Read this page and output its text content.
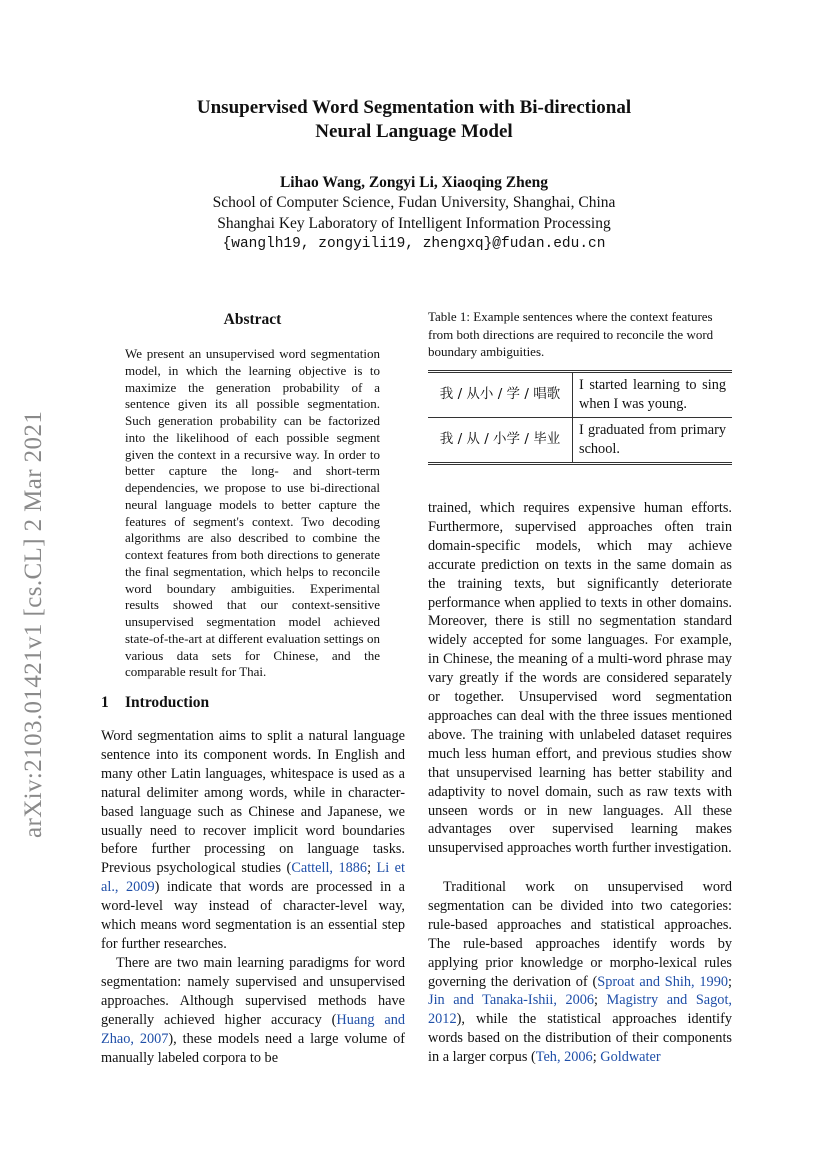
Unsupervised Word Segmentation with Bi-directional
Neural Language Model
Lihao Wang, Zongyi Li, Xiaoqing Zheng
School of Computer Science, Fudan University, Shanghai, China
Shanghai Key Laboratory of Intelligent Information Processing
{wanglh19, zongyili19, zhengxq}@fudan.edu.cn
arXiv:2103.01421v1 [cs.CL] 2 Mar 2021
Abstract
We present an unsupervised word segmentation model, in which the learning objective is to maximize the generation probability of a sentence given its all possible segmentation. Such generation probability can be factorized into the likelihood of each possible segment given the context in a recursive way. In order to better capture the long- and short-term dependencies, we propose to use bi-directional neural language models to better capture the features of segment's context. Two decoding algorithms are also described to combine the context features from both directions to generate the final segmentation, which helps to reconcile word boundary ambiguities. Experimental results showed that our context-sensitive unsupervised segmentation model achieved state-of-the-art at different evaluation settings on various data sets for Chinese, and the comparable result for Thai.
1 Introduction
Word segmentation aims to split a natural language sentence into its component words. In English and many other Latin languages, whitespace is used as a natural delimiter among words, while in character-based language such as Chinese and Japanese, we usually need to recover implicit word boundaries before further processing on language tasks. Previous psychological studies (Cattell, 1886; Li et al., 2009) indicate that words are processed in a word-level way instead of character-level way, which means word segmentation is an essential step for further researches.
There are two main learning paradigms for word segmentation: namely supervised and unsupervised approaches. Although supervised methods have generally achieved higher accuracy (Huang and Zhao, 2007), these models need a large volume of manually labeled corpora to be
Table 1: Example sentences where the context features from both directions are required to reconcile the word boundary ambiguities.
我 / 从小 / 学 / 唱歌	I started learning to sing when I was young.
我 / 从 / 小学 / 毕业	I graduated from primary school.
trained, which requires expensive human efforts. Furthermore, supervised approaches often train domain-specific models, which may achieve accurate prediction on texts in the same domain as the training texts, but significantly deteriorate performance when applied to texts in other domains. Moreover, there is still no segmentation standard widely accepted for some languages. For example, in Chinese, the meaning of a multi-word phrase may vary greatly if the words are considered separately or together. Unsupervised word segmentation approaches can deal with the three issues mentioned above. The training with unlabeled dataset requires much less human effort, and previous studies show that unsupervised learning has better stability and adaptivity to novel domain, such as raw texts with unseen words or in new languages. All these advantages over supervised learning makes unsupervised approaches worth further investigation.
Traditional work on unsupervised word segmentation can be divided into two categories: rule-based approaches and statistical approaches. The rule-based approaches identify words by applying prior knowledge or morpho-lexical rules governing the derivation of (Sproat and Shih, 1990; Jin and Tanaka-Ishii, 2006; Magistry and Sagot, 2012), while the statistical approaches identify words based on the distribution of their components in a larger corpus (Teh, 2006; Goldwater
